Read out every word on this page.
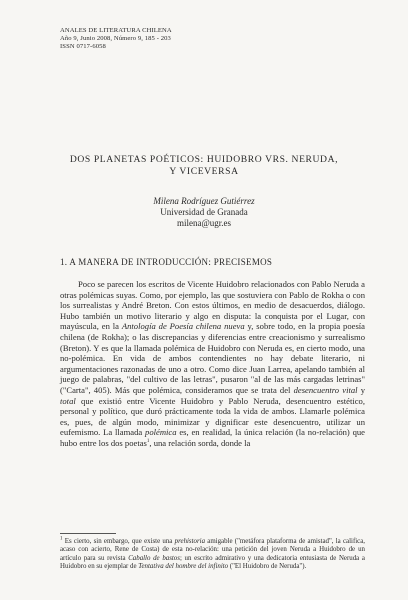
ANALES DE LITERATURA CHILENA
Año 9, Junio 2008, Número 9, 185 - 203
ISSN 0717-6058
DOS PLANETAS POÉTICOS: HUIDOBRO VRS. NERUDA,
Y VICEVERSA
Milena Rodríguez Gutiérrez
Universidad de Granada
milena@ugr.es
1. A MANERA DE INTRODUCCIÓN: PRECISEMOS

Poco se parecen los escritos de Vicente Huidobro relacionados con Pablo Neruda a otras polémicas suyas. Como, por ejemplo, las que sostuviera con Pablo de Rokha o con los surrealistas y André Breton. Con estos últimos, en medio de desacuerdos, diálogo. Hubo también un motivo literario y algo en disputa: la conquista por el Lugar, con mayúscula, en la Antología de Poesía chilena nueva y, sobre todo, en la propia poesía chilena (de Rokha); o las discrepancias y diferencias entre creacionismo y surrealismo (Breton). Y es que la llamada polémica de Huidobro con Neruda es, en cierto modo, una no-polémica. En vida de ambos contendientes no hay debate literario, ni argumentaciones razonadas de uno a otro. Como dice Juan Larrea, apelando también al juego de palabras, "del cultivo de las letras", pusaron "al de las más cargadas letrinas" ("Carta", 405). Más que polémica, consideramos que se trata del desencuentro vital y total que existió entre Vicente Huidobro y Pablo Neruda, desencuentro estético, personal y político, que duró prácticamente toda la vida de ambos. Llamarle polémica es, pues, de algún modo, minimizar y dignificar este desencuentro, utilizar un eufemismo. La llamada polémica es, en realidad, la única relación (la no-relación) que hubo entre los dos poetas$^1$, una relación sorda, donde la

$^1$ Es cierto, sin embargo, que existe una prehistoria amigable ("metáfora plataforma de amistad", la califica, acaso con acierto, Rene de Costa) de esta no-relación: una petición del joven Neruda a Huidobro de un artículo para su revista Caballo de bastos; un escrito admirativo y una dedicatoria entusiasta de Neruda a Huidobro en su ejemplar de Tentativa del hombre del infinito ("El Huidobro de Neruda").
